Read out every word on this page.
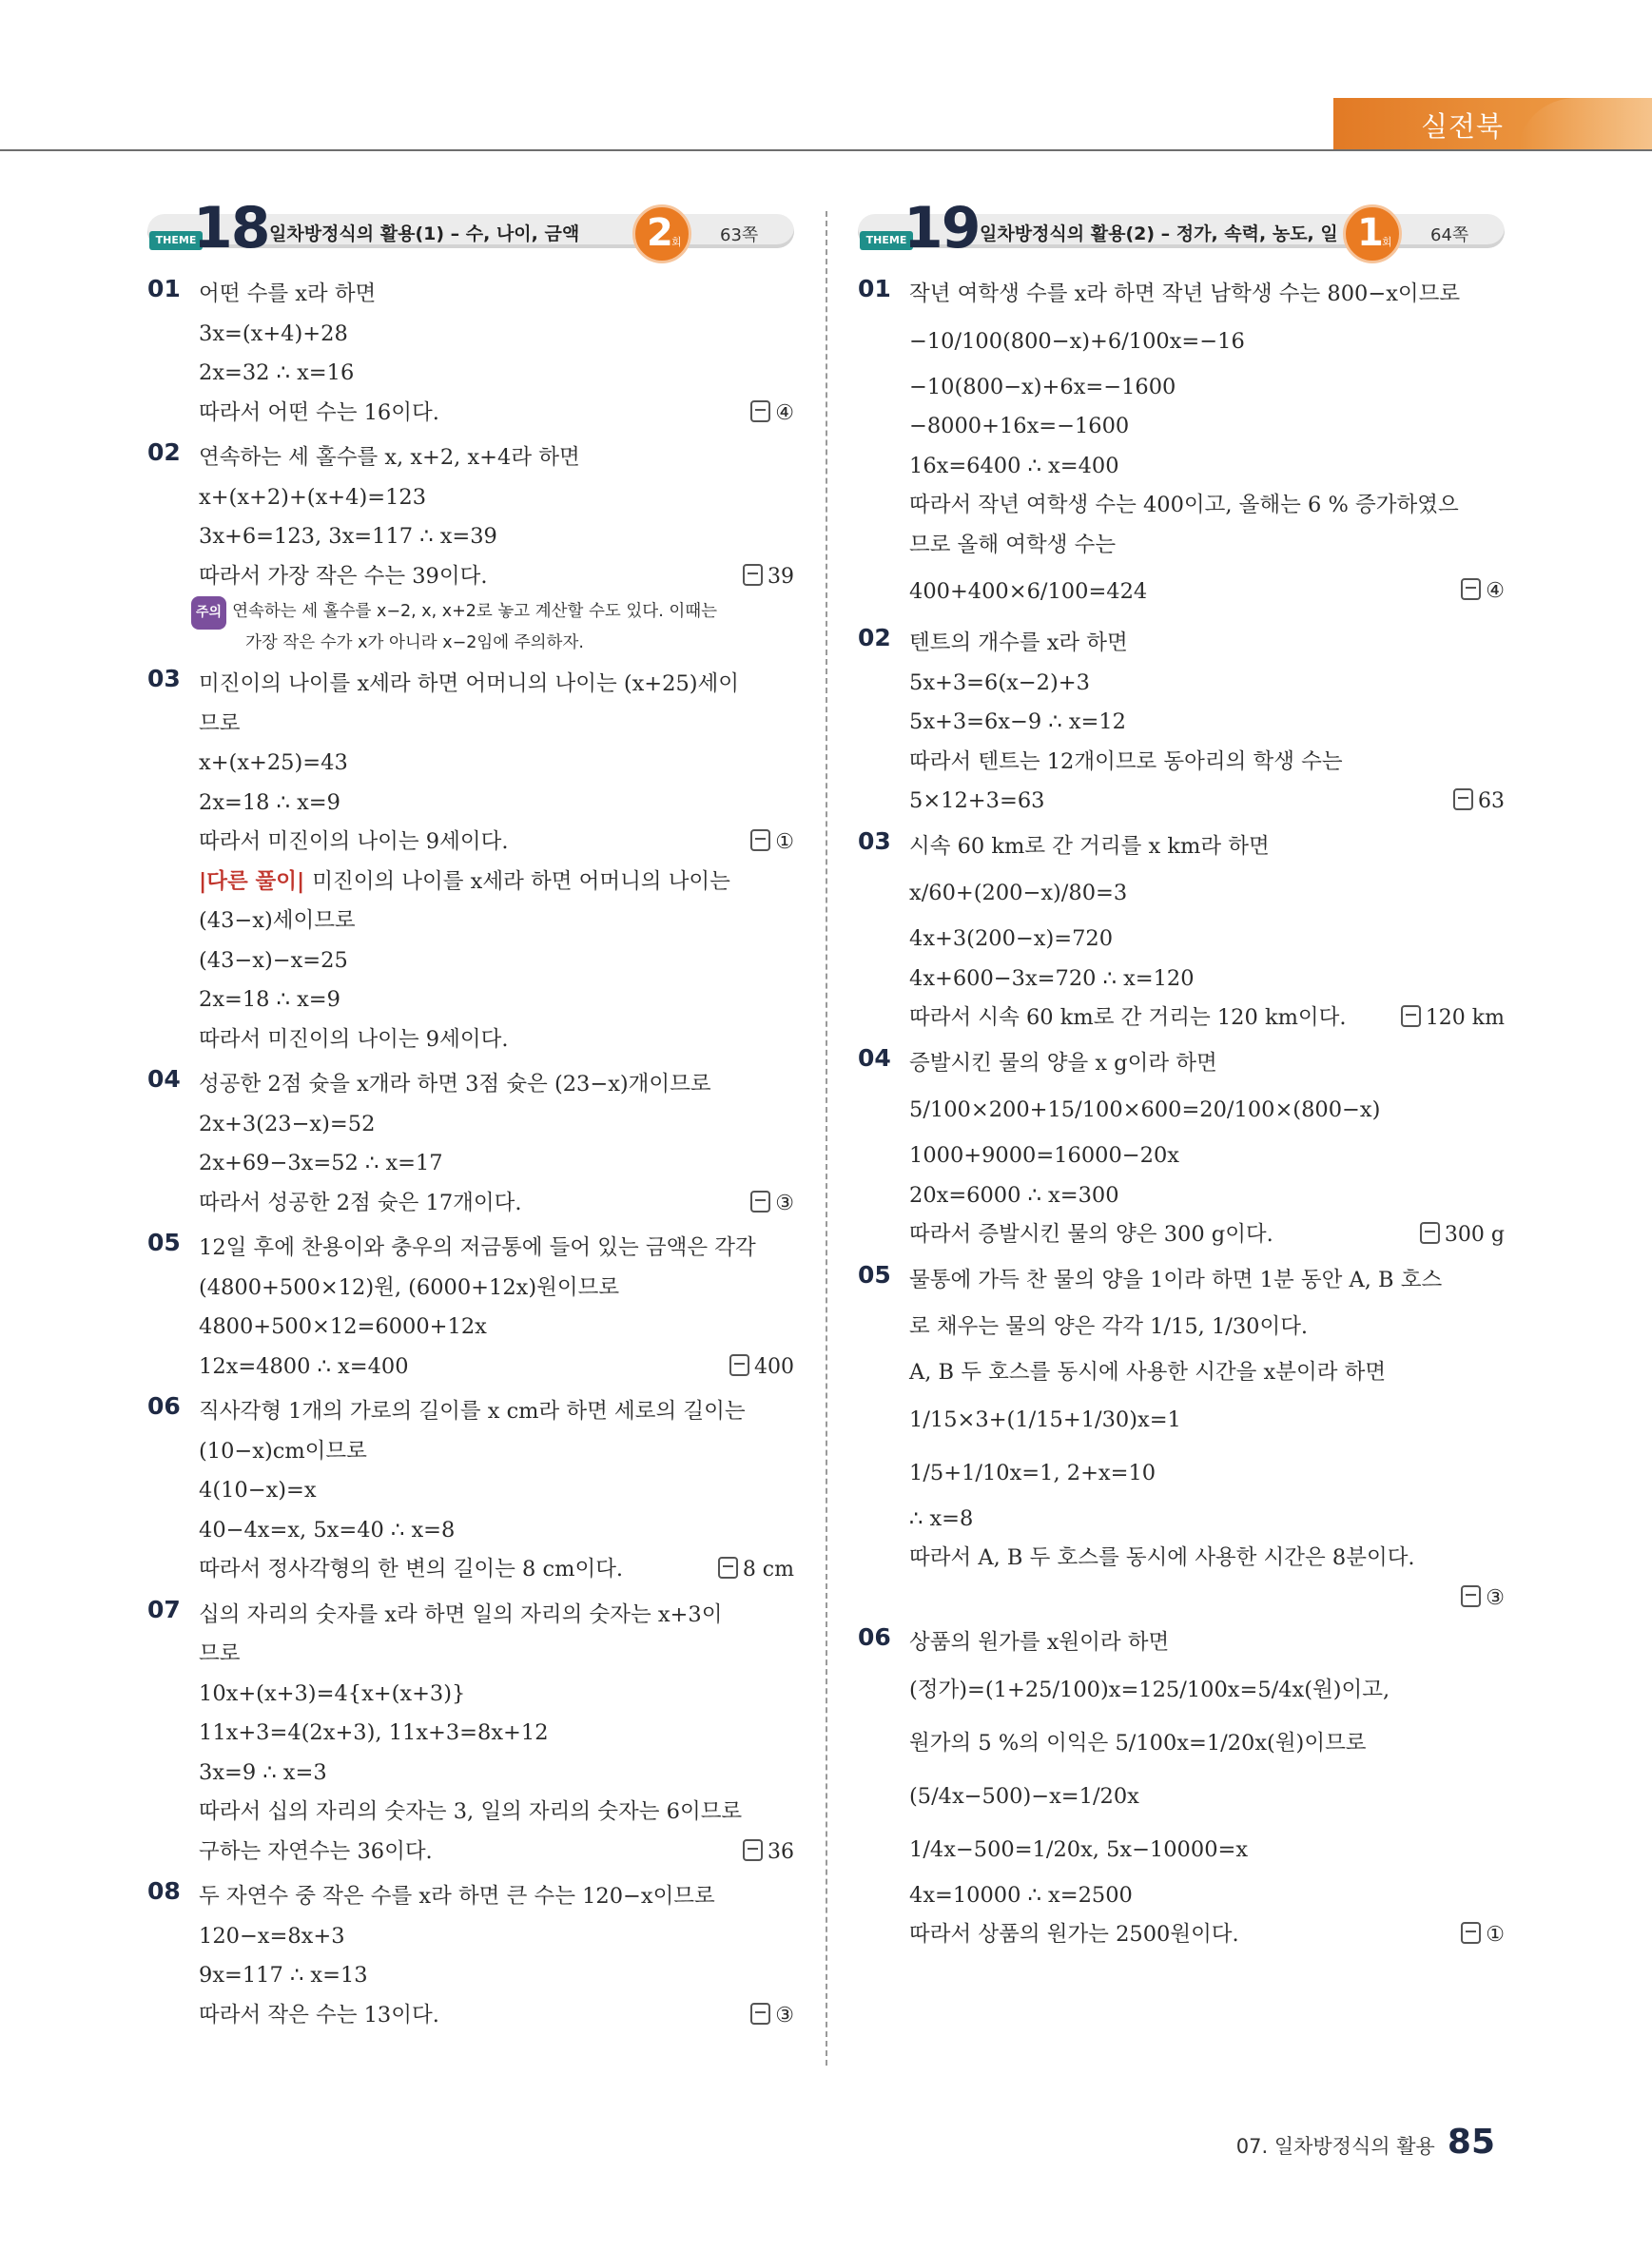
실전북
THEME
18 일차방정식의 활용(1) – 수, 나이, 금액 2
회 63쪽
01 어떤 수를 x라 하면
3x=(x+4)+28
2x=32 ∴ x=16
따라서 어떤 수는 16이다.	④
02 연속하는 세 홀수를 x, x+2, x+4라 하면
x+(x+2)+(x+4)=123
3x+6=123, 3x=117 ∴ x=39
따라서 가장 작은 수는 39이다.	39
주의 연속하는 세 홀수를 x−2, x, x+2로 놓고 계산할 수도 있다. 이때는
가장 작은 수가 x가 아니라 x−2임에 주의하자.
03 미진이의 나이를 x세라 하면 어머니의 나이는 (x+25)세이
므로
x+(x+25)=43
2x=18 ∴ x=9
따라서 미진이의 나이는 9세이다.	①
|다른 풀이| 미진이의 나이를 x세라 하면 어머니의 나이는
(43−x)세이므로
(43−x)−x=25
2x=18 ∴ x=9
따라서 미진이의 나이는 9세이다.
04 성공한 2점 슛을 x개라 하면 3점 슛은 (23−x)개이므로
2x+3(23−x)=52
2x+69−3x=52 ∴ x=17
따라서 성공한 2점 슛은 17개이다.	③
05 12일 후에 찬용이와 충우의 저금통에 들어 있는 금액은 각각
(4800+500×12)원, (6000+12x)원이므로
4800+500×12=6000+12x
12x=4800 ∴ x=400	400
06 직사각형 1개의 가로의 길이를 x cm라 하면 세로의 길이는
(10−x)cm이므로
4(10−x)=x
40−4x=x, 5x=40 ∴ x=8
따라서 정사각형의 한 변의 길이는 8 cm이다.	8 cm
07 십의 자리의 숫자를 x라 하면 일의 자리의 숫자는 x+3이
므로
10x+(x+3)=4{x+(x+3)}
11x+3=4(2x+3), 11x+3=8x+12
3x=9 ∴ x=3
따라서 십의 자리의 숫자는 3, 일의 자리의 숫자는 6이므로
구하는 자연수는 36이다.	36
08 두 자연수 중 작은 수를 x라 하면 큰 수는 120−x이므로
120−x=8x+3
9x=117 ∴ x=13
따라서 작은 수는 13이다.	③
THEME
19 일차방정식의 활용(2) – 정가, 속력, 농도, 일 1
회 64쪽
01 작년 여학생 수를 x라 하면 작년 남학생 수는 800−x이므로
−10/100(800−x)+6/100x=−16
−10(800−x)+6x=−1600
−8000+16x=−1600
16x=6400 ∴ x=400
따라서 작년 여학생 수는 400이고, 올해는 6 % 증가하였으
므로 올해 여학생 수는
400+400×6/100=424	④
02 텐트의 개수를 x라 하면
5x+3=6(x−2)+3
5x+3=6x−9 ∴ x=12
따라서 텐트는 12개이므로 동아리의 학생 수는
5×12+3=63	63
03 시속 60 km로 간 거리를 x km라 하면
x/60+(200−x)/80=3
4x+3(200−x)=720
4x+600−3x=720 ∴ x=120
따라서 시속 60 km로 간 거리는 120 km이다.	120 km
04 증발시킨 물의 양을 x g이라 하면
5/100×200+15/100×600=20/100×(800−x)
1000+9000=16000−20x
20x=6000 ∴ x=300
따라서 증발시킨 물의 양은 300 g이다.	300 g
05 물통에 가득 찬 물의 양을 1이라 하면 1분 동안 A, B 호스
로 채우는 물의 양은 각각 1/15, 1/30이다.
A, B 두 호스를 동시에 사용한 시간을 x분이라 하면
1/15×3+(1/15+1/30)x=1
1/5+1/10x=1, 2+x=10
∴ x=8
따라서 A, B 두 호스를 동시에 사용한 시간은 8분이다.
③
06 상품의 원가를 x원이라 하면
(정가)=(1+25/100)x=125/100x=5/4x(원)이고,
원가의 5 %의 이익은 5/100x=1/20x(원)이므로
(5/4x−500)−x=1/20x
1/4x−500=1/20x, 5x−10000=x
4x=10000 ∴ x=2500
따라서 상품의 원가는 2500원이다.	①
07. 일차방정식의 활용 85
